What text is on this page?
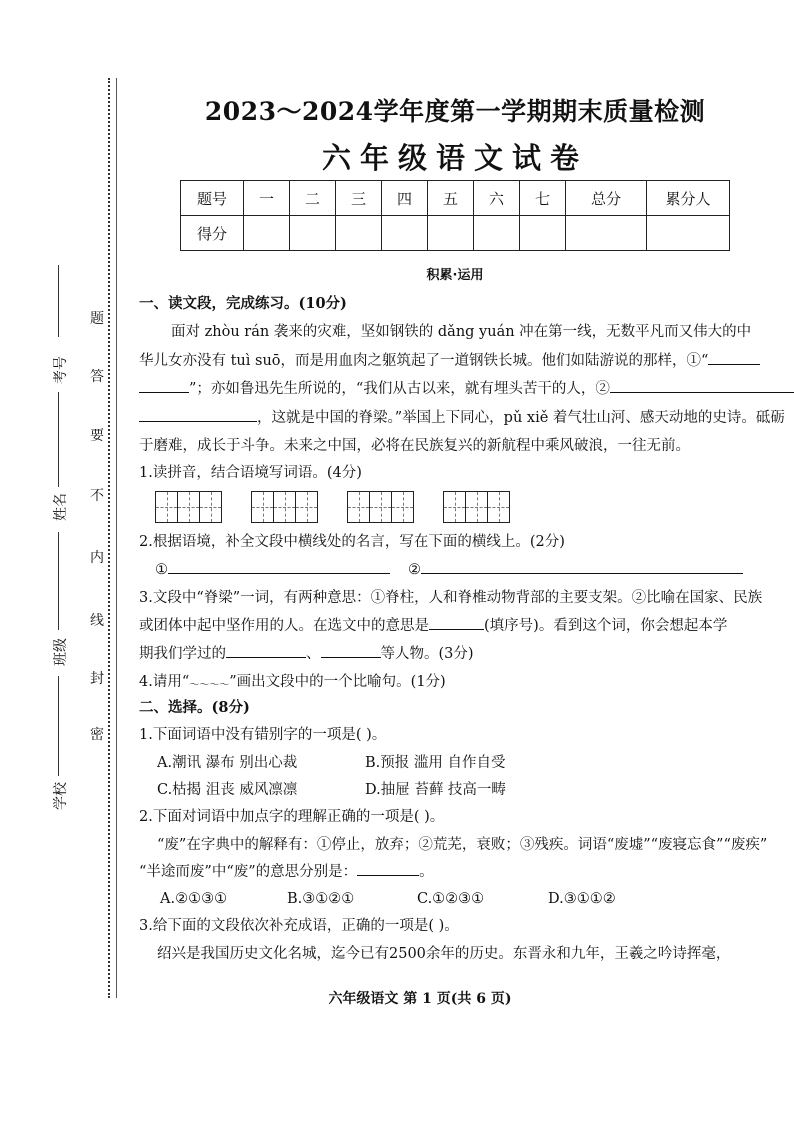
题
答
要
不
内
线
封
密
考号
姓名
班级
学校
2023～2024学年度第一学期期末质量检测
六年级语文试卷
题号	一	二	三	四	五	六	七	总分	累分人
得分									
积累·运用
一、读文段，完成练习。(10分)
面对 zhòu rán 袭来的灾难，坚如钢铁的 dǎng yuán 冲在第一线，无数平凡而又伟大的中
华儿女亦没有 tuì suō，而是用血肉之躯筑起了一道钢铁长城。他们如陆游说的那样，①“
”；亦如鲁迅先生所说的，“我们从古以来，就有埋头苦干的人，②
，这就是中国的脊梁。”举国上下同心，pǔ xiě 着气壮山河、感天动地的史诗。砥砺
于磨难，成长于斗争。未来之中国，必将在民族复兴的新航程中乘风破浪，一往无前。
1.读拼音，结合语境写词语。(4分)
2.根据语境，补全文段中横线处的名言，写在下面的横线上。(2分)
①	②
3.文段中“脊梁”一词，有两种意思：①脊柱，人和脊椎动物背部的主要支架。②比喻在国家、民族
或团体中起中坚作用的人。在选文中的意思是	(填序号)。看到这个词，你会想起本学
期我们学过的	、	等人物。(3分)
4.请用“～～～～”画出文段中的一个比喻句。(1分)
二、选择。(8分)
1.下面词语中没有错别字的一项是( )。
A.潮讯 瀑布 别出心裁	B.预报 滥用 自作自受
C.枯揭 沮丧 威风凛凛	D.抽屉 苔藓 技高一畴
2.下面对词语中加点字的理解正确的一项是( )。
“废”在字典中的解释有：①停止，放弃；②荒芜，衰败；③残疾。词语“废墟”“废寝忘食”“废疾”
“半途而废”中“废”的意思分别是：	。
A.②①③①	B.③①②①	C.①②③①	D.③①①②
3.给下面的文段依次补充成语，正确的一项是( )。
绍兴是我国历史文化名城，迄今已有2500余年的历史。东晋永和九年，王羲之吟诗挥毫，
六年级语文 第 1 页(共 6 页)
